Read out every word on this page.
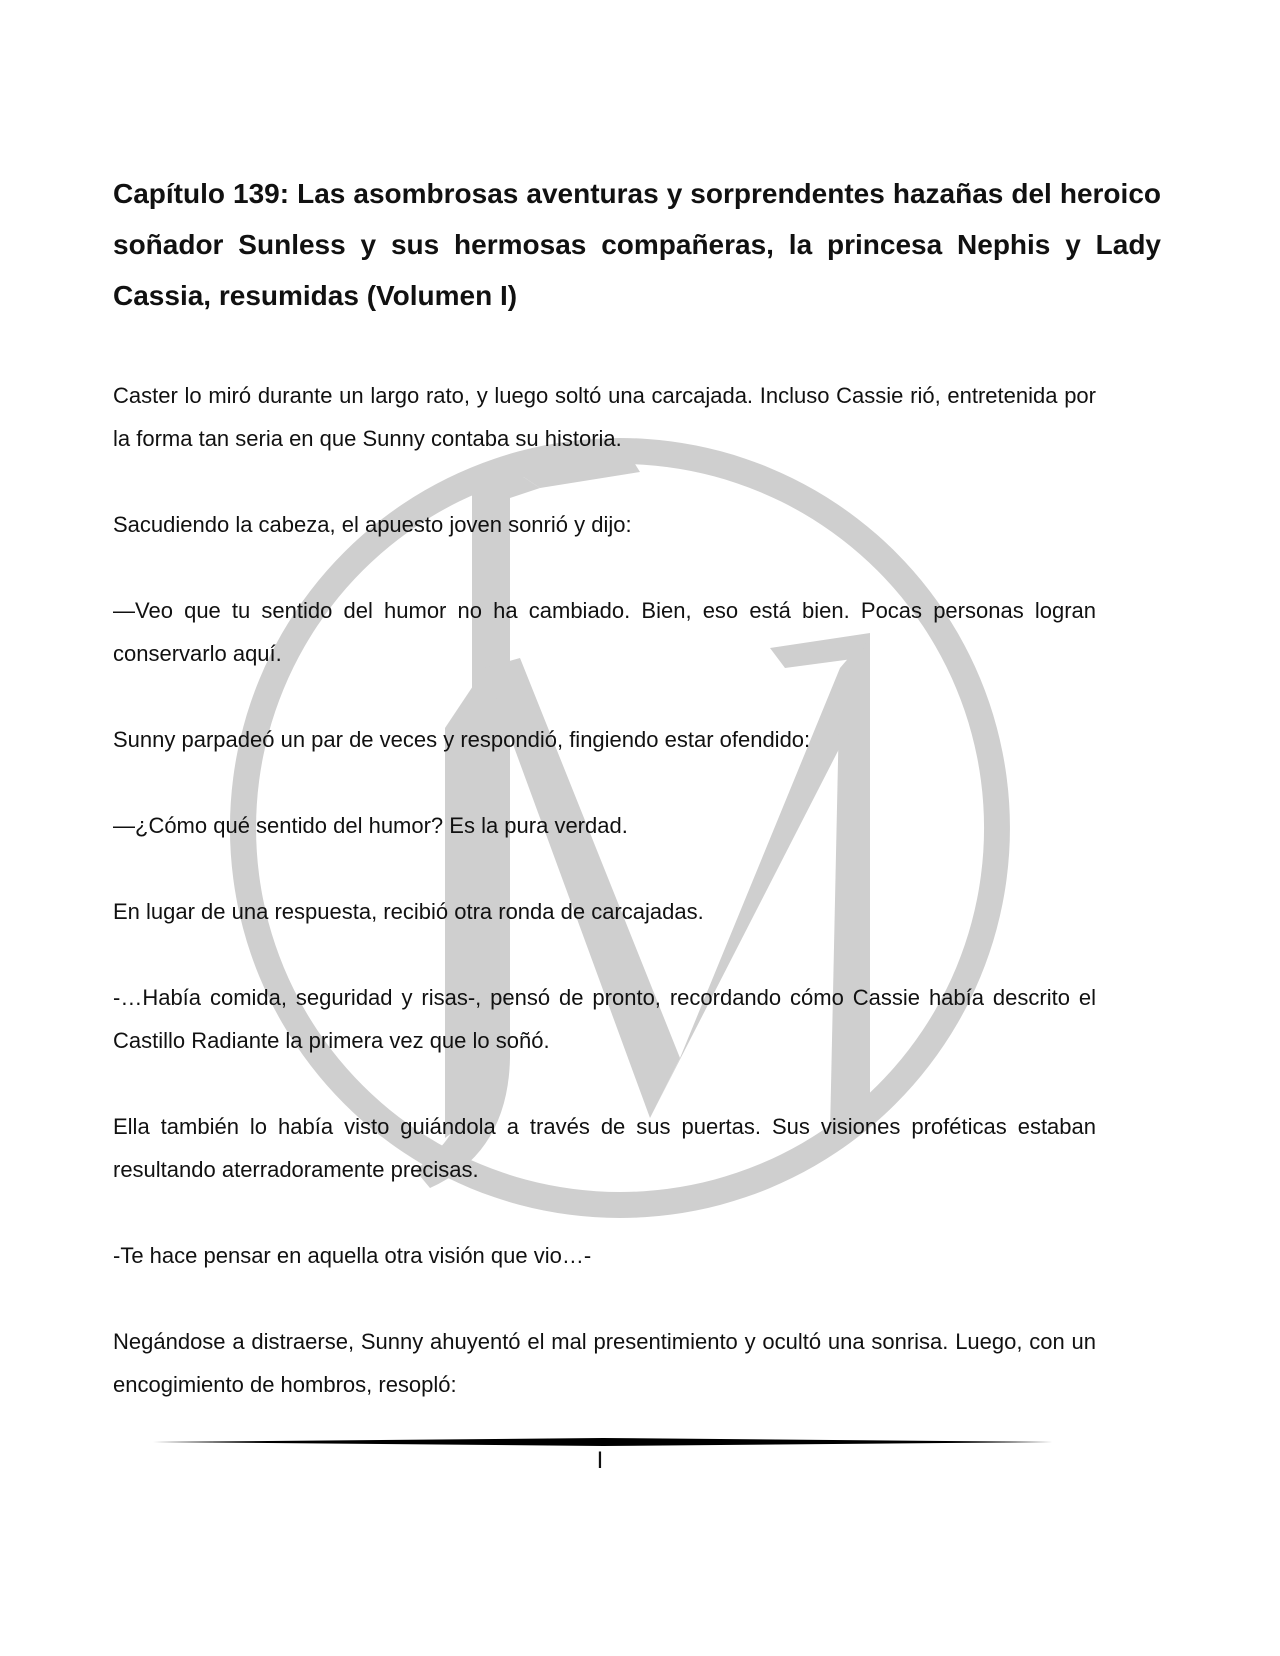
Capítulo 139: Las asombrosas aventuras y sorprendentes hazañas del heroico soñador Sunless y sus hermosas compañeras, la princesa Nephis y Lady Cassia, resumidas (Volumen I)

Caster lo miró durante un largo rato, y luego soltó una carcajada. Incluso Cassie rió, entretenida por la forma tan seria en que Sunny contaba su historia.

Sacudiendo la cabeza, el apuesto joven sonrió y dijo:

—Veo que tu sentido del humor no ha cambiado. Bien, eso está bien. Pocas personas logran conservarlo aquí.

Sunny parpadeó un par de veces y respondió, fingiendo estar ofendido:

—¿Cómo qué sentido del humor? Es la pura verdad.

En lugar de una respuesta, recibió otra ronda de carcajadas.

-…Había comida, seguridad y risas-, pensó de pronto, recordando cómo Cassie había descrito el Castillo Radiante la primera vez que lo soñó.

Ella también lo había visto guiándola a través de sus puertas. Sus visiones proféticas estaban resultando aterradoramente precisas.

-Te hace pensar en aquella otra visión que vio…-

Negándose a distraerse, Sunny ahuyentó el mal presentimiento y ocultó una sonrisa. Luego, con un encogimiento de hombros, resopló:

I
